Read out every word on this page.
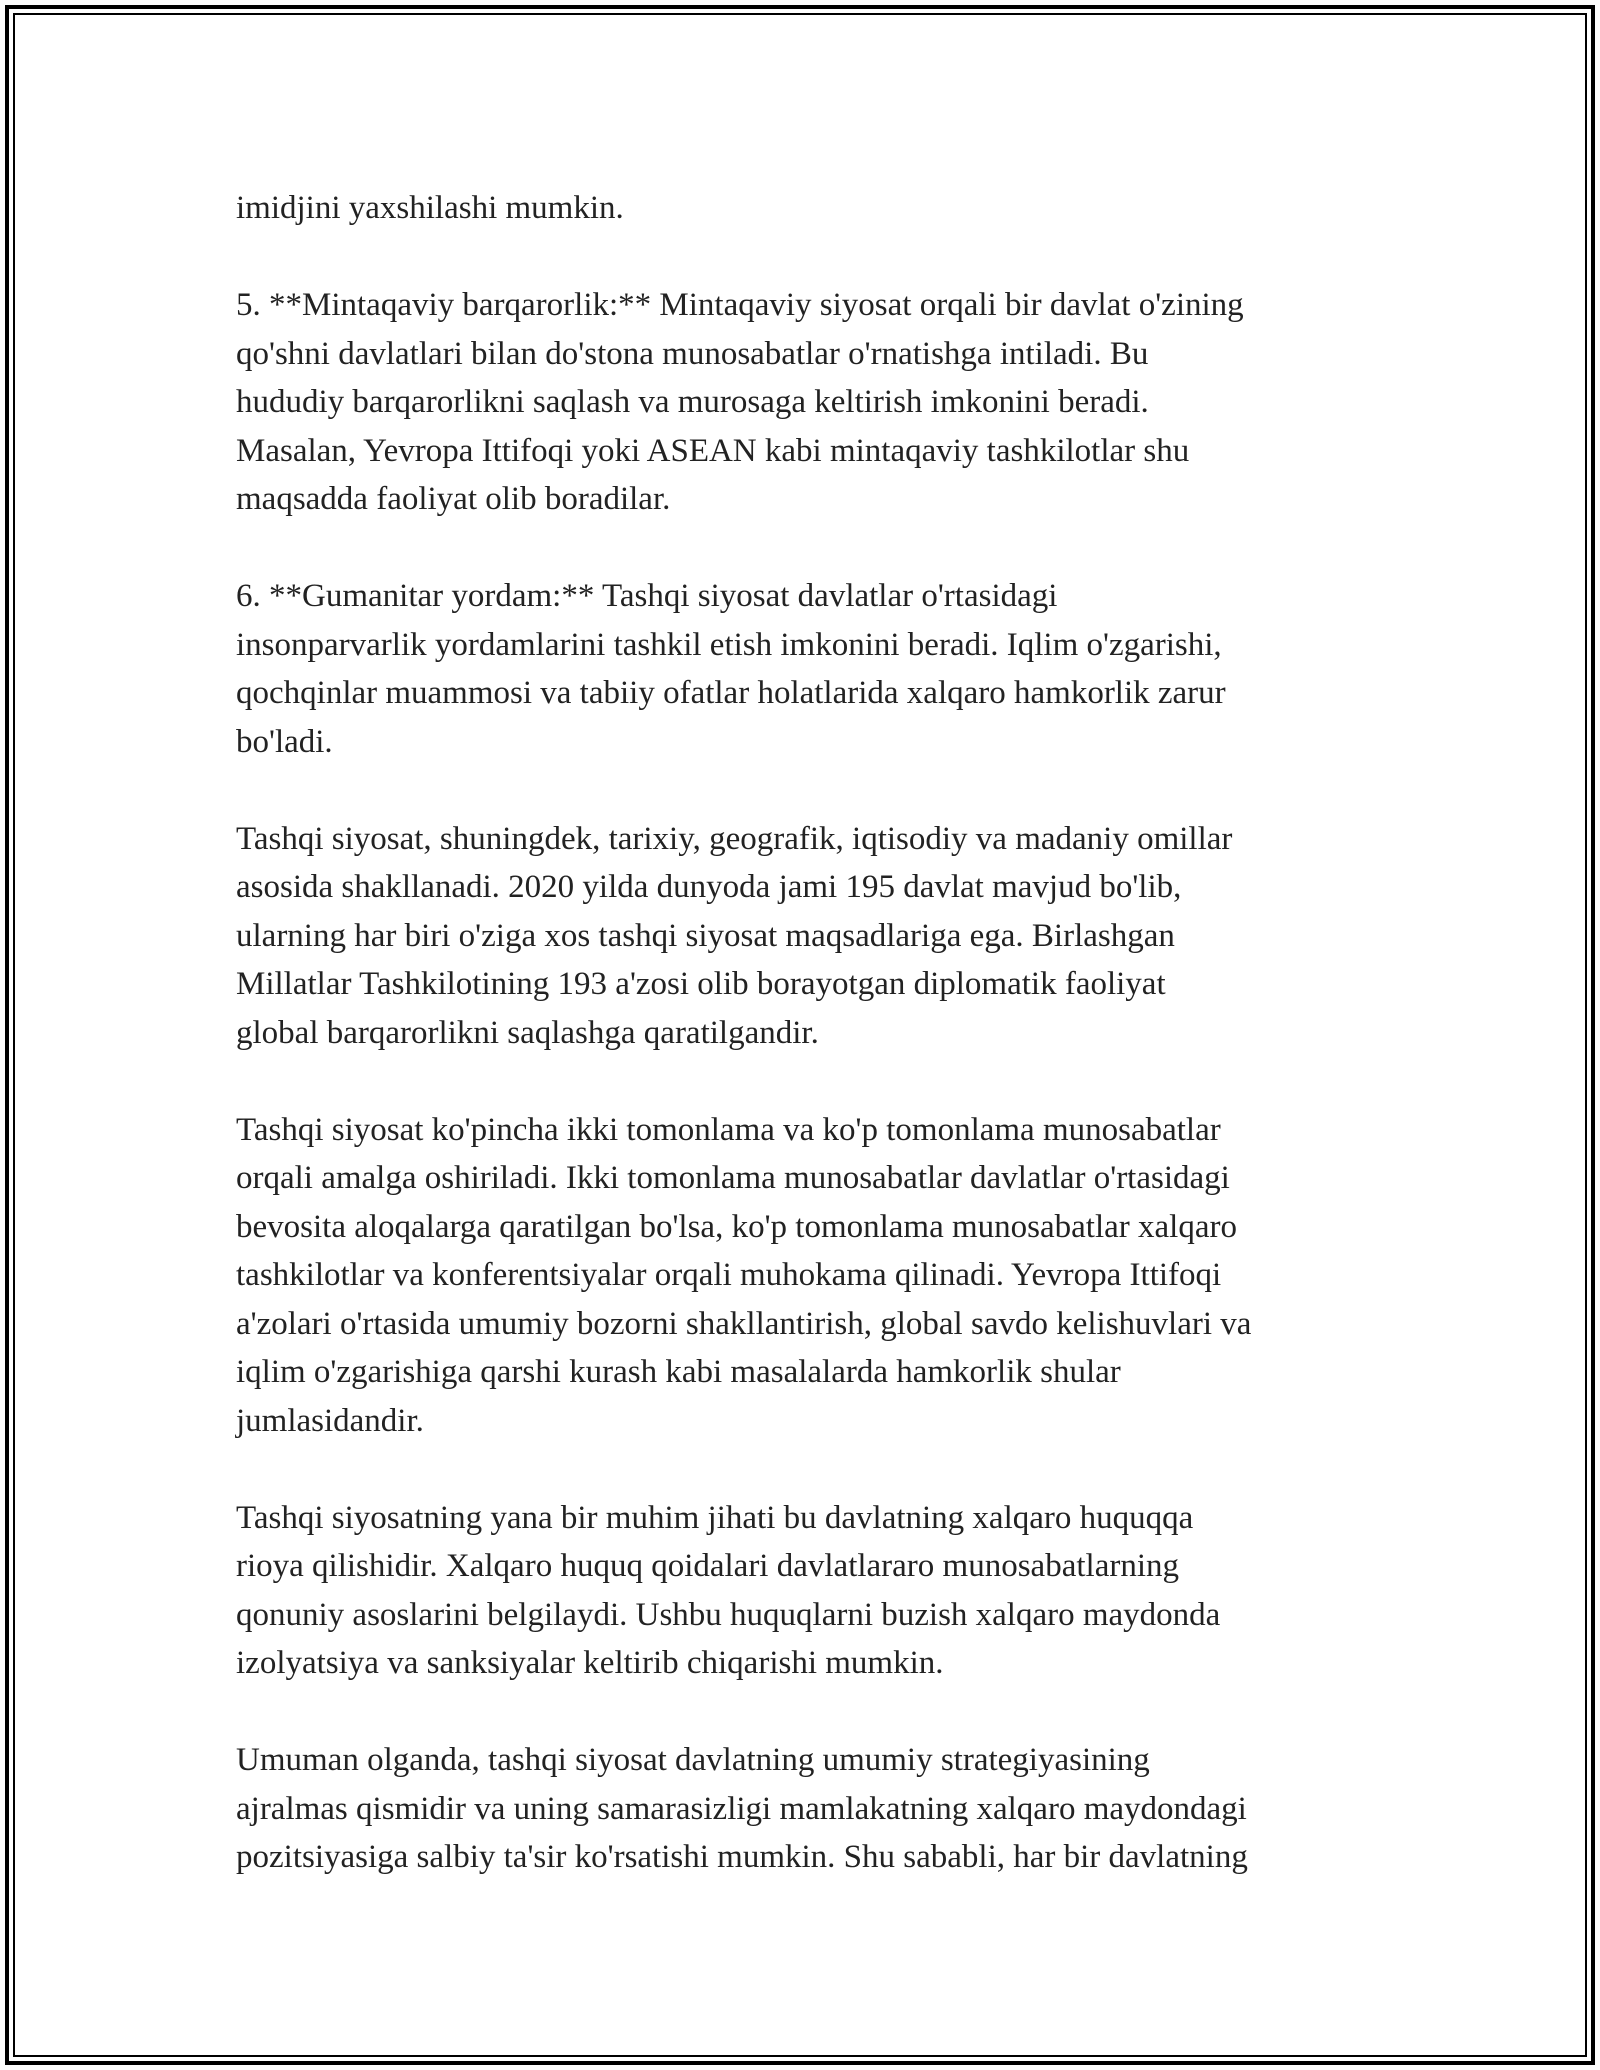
imidjini yaxshilashi mumkin.

5. **Mintaqaviy barqarorlik:** Mintaqaviy siyosat orqali bir davlat o'zining
qo'shni davlatlari bilan do'stona munosabatlar o'rnatishga intiladi. Bu
hududiy barqarorlikni saqlash va murosaga keltirish imkonini beradi.
Masalan, Yevropa Ittifoqi yoki ASEAN kabi mintaqaviy tashkilotlar shu
maqsadda faoliyat olib boradilar.

6. **Gumanitar yordam:** Tashqi siyosat davlatlar o'rtasidagi
insonparvarlik yordamlarini tashkil etish imkonini beradi. Iqlim o'zgarishi,
qochqinlar muammosi va tabiiy ofatlar holatlarida xalqaro hamkorlik zarur
bo'ladi.

Tashqi siyosat, shuningdek, tarixiy, geografik, iqtisodiy va madaniy omillar
asosida shakllanadi. 2020 yilda dunyoda jami 195 davlat mavjud bo'lib,
ularning har biri o'ziga xos tashqi siyosat maqsadlariga ega. Birlashgan
Millatlar Tashkilotining 193 a'zosi olib borayotgan diplomatik faoliyat
global barqarorlikni saqlashga qaratilgandir.

Tashqi siyosat ko'pincha ikki tomonlama va ko'p tomonlama munosabatlar
orqali amalga oshiriladi. Ikki tomonlama munosabatlar davlatlar o'rtasidagi
bevosita aloqalarga qaratilgan bo'lsa, ko'p tomonlama munosabatlar xalqaro
tashkilotlar va konferentsiyalar orqali muhokama qilinadi. Yevropa Ittifoqi
a'zolari o'rtasida umumiy bozorni shakllantirish, global savdo kelishuvlari va
iqlim o'zgarishiga qarshi kurash kabi masalalarda hamkorlik shular
jumlasidandir.

Tashqi siyosatning yana bir muhim jihati bu davlatning xalqaro huquqqa
rioya qilishidir. Xalqaro huquq qoidalari davlatlararo munosabatlarning
qonuniy asoslarini belgilaydi. Ushbu huquqlarni buzish xalqaro maydonda
izolyatsiya va sanksiyalar keltirib chiqarishi mumkin.

Umuman olganda, tashqi siyosat davlatning umumiy strategiyasining
ajralmas qismidir va uning samarasizligi mamlakatning xalqaro maydondagi
pozitsiyasiga salbiy ta'sir ko'rsatishi mumkin. Shu sababli, har bir davlatning
